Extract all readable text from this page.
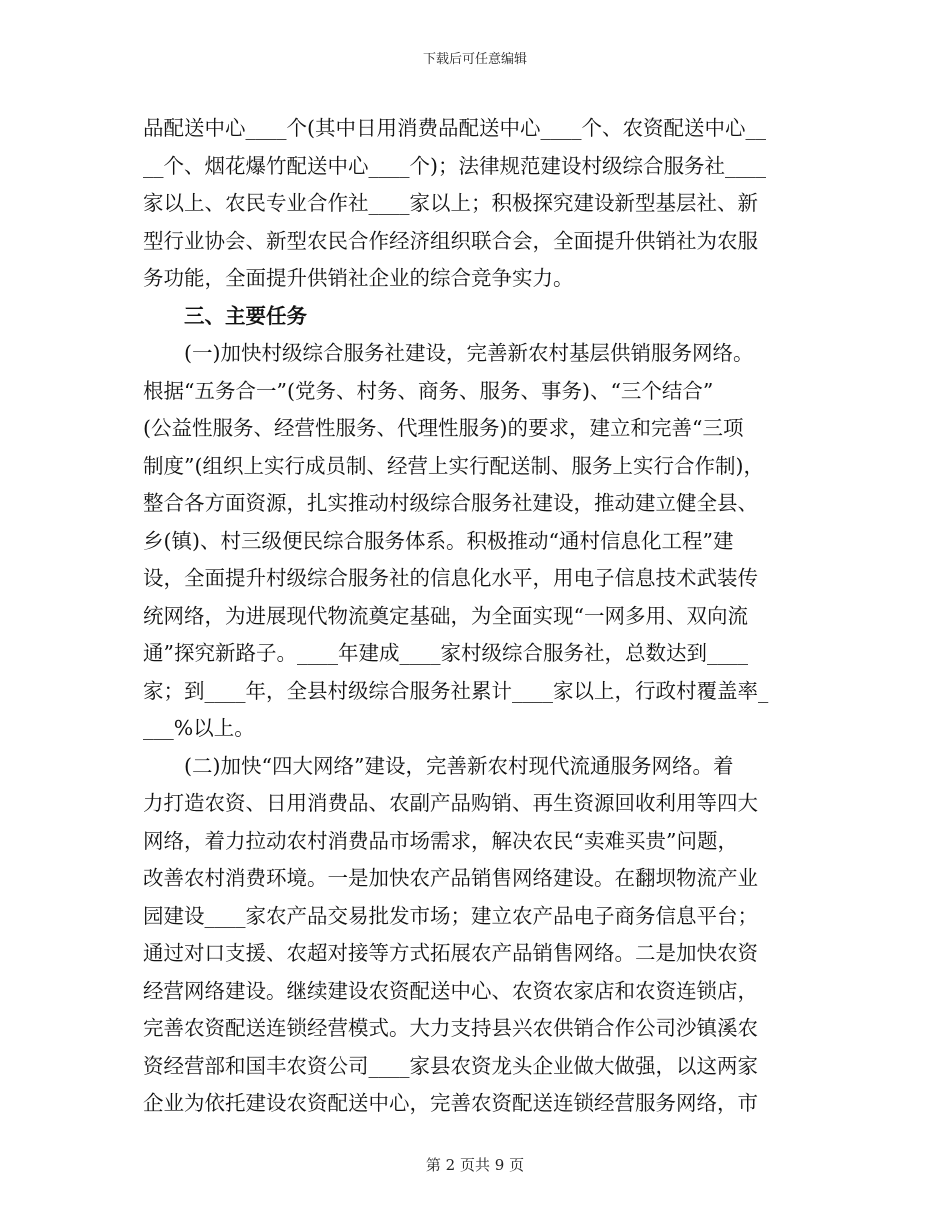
下载后可任意编辑
品配送中心____个(其中日用消费品配送中心____个、农资配送中心__
__个、烟花爆竹配送中心____个)；法律规范建设村级综合服务社____
家以上、农民专业合作社____家以上；积极探究建设新型基层社、新
型行业协会、新型农民合作经济组织联合会，全面提升供销社为农服
务功能，全面提升供销社企业的综合竞争实力。
三、主要任务
(一)加快村级综合服务社建设，完善新农村基层供销服务网络。
根据“五务合一”(党务、村务、商务、服务、事务)、“三个结合”
(公益性服务、经营性服务、代理性服务)的要求，建立和完善“三项
制度”(组织上实行成员制、经营上实行配送制、服务上实行合作制)，
整合各方面资源，扎实推动村级综合服务社建设，推动建立健全县、
乡(镇)、村三级便民综合服务体系。积极推动“通村信息化工程”建
设，全面提升村级综合服务社的信息化水平，用电子信息技术武装传
统网络，为进展现代物流奠定基础，为全面实现“一网多用、双向流
通”探究新路子。____年建成____家村级综合服务社，总数达到____
家；到____年，全县村级综合服务社累计____家以上，行政村覆盖率_
___%以上。
(二)加快“四大网络”建设，完善新农村现代流通服务网络。着
力打造农资、日用消费品、农副产品购销、再生资源回收利用等四大
网络，着力拉动农村消费品市场需求，解决农民“卖难买贵”问题，
改善农村消费环境。一是加快农产品销售网络建设。在翻坝物流产业
园建设____家农产品交易批发市场；建立农产品电子商务信息平台；
通过对口支援、农超对接等方式拓展农产品销售网络。二是加快农资
经营网络建设。继续建设农资配送中心、农资农家店和农资连锁店，
完善农资配送连锁经营模式。大力支持县兴农供销合作公司沙镇溪农
资经营部和国丰农资公司____家县农资龙头企业做大做强，以这两家
企业为依托建设农资配送中心，完善农资配送连锁经营服务网络，市
第 2 页共 9 页
